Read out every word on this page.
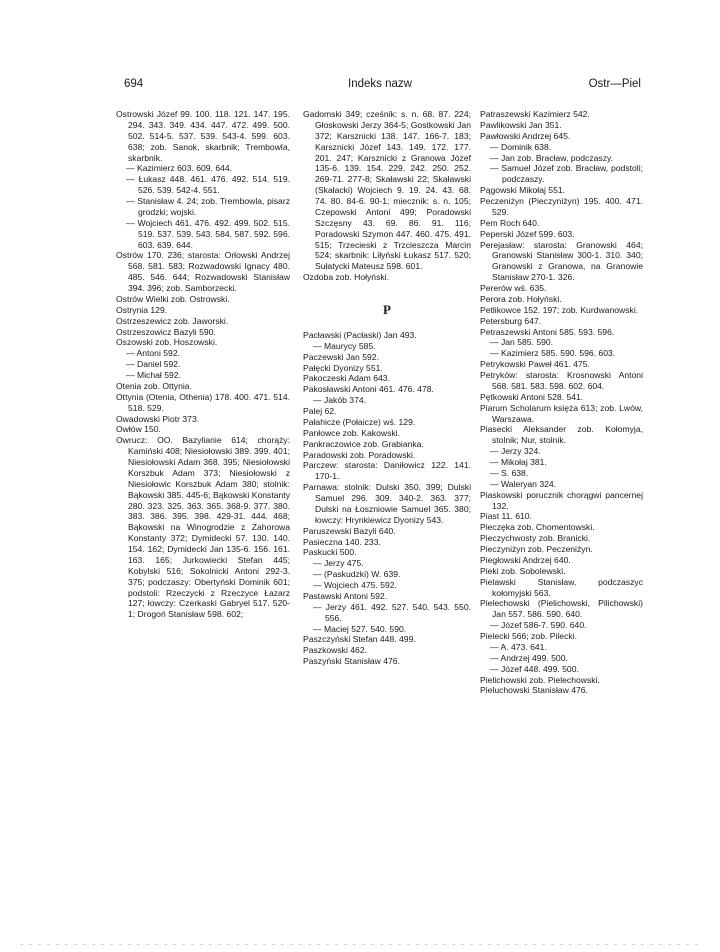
694	Indeks nazw	Ostr—Piel

Ostrowski Józef 99. 100. 118. 121. 147. 195. 294. 343. 349. 434. 447. 472. 499. 500. 502. 514-5. 537. 539. 543-4. 599. 603. 638; zob. Sanok, skarbnik; Trembowla, skarbnik.

— Kazimierz 603. 609. 644.

— Łukasz 448. 461. 476. 492. 514. 519. 526. 539. 542-4. 551.

— Stanisław 4. 24; zob. Trembowla, pisarz grodzki; wojski.

— Wojciech 461. 476. 492. 499. 502. 515. 519. 537. 539. 543. 584. 587. 592. 596. 603. 639. 644.

Ostrów 170. 236; starosta: Orłowski Andrzej 568. 581. 583; Rozwadowski Ignacy 480. 485. 546. 644; Rozwadowski Stanisław 394. 396; zob. Samborzecki.

Ostrów Wielki zob. Ostrowski.

Ostrynia 129.

Ostrzeszewicz zob. Jaworski.

Ostrzeszowicz Bazyli 590.

Oszowski zob. Hoszowski.

— Antoni 592.

— Daniel 592.

— Michał 592.

Otenia zob. Ottynia.

Ottynia (Otenia, Othenia) 178. 400. 471. 514. 518. 529.

Owadowski Piotr 373.

Owłów 150.

Owrucz: OO. Bazylianie 614; chorąży: Kamiński 408; Niesiołowski 389. 399. 401; Niesiołowski Adam 368. 395; Niesiołowski Korszbuk Adam 373; Niesiołowski z Niesiołowic Korszbuk Adam 380; stolnik: Bąkowski 385. 445-6; Bąkowski Konstanty 280. 323. 325. 363. 365. 368-9. 377. 380. 383. 386. 395. 398. 429-31. 444. 468; Bąkowski na Winogrodzie z Zahorowa Konstanty 372; Dymidecki 57. 130. 140. 154. 162; Dymidecki Jan 135-6. 156. 161. 163. 165; Jurkowiecki Stefan 445; Kobylski 516; Sokolnicki Antoni 292-3. 375; podczaszy: Obertyński Dominik 601; podstoli: Rzeczycki z Rzeczyce Łazarz 127; łowczy: Czerkaski Gabryel 517. 520-1; Drogoń Stanisław 598. 602;

Gadomski 349; cześnik: s. n. 68. 87. 224; Głoskowski Jerzy 364-5; Gostkowski Jan 372; Karsznicki 138. 147. 166-7. 183; Karsznicki Józef 143. 149. 172. 177. 201. 247; Karsznicki z Granowa Józef 135-6. 139. 154. 229. 242. 250. 252. 269-71. 277-8; Skaławski 22; Skaławski (Skałacki) Wojciech 9. 19. 24. 43. 68. 74. 80. 84-6. 90-1; miecznik: s. n. 105; Czepowski Antoni 499; Poradowski Szczęsny 43. 69. 86. 91. 116; Poradowski Szymon 447. 460. 475. 491. 515; Trzecieski z Trzcieszcza Marcin 524; skarbnik: Liłyński Łukasz 517. 520; Sułatycki Mateusz 598. 601.

Ozdoba zob. Hołyński.

P

Pacławski (Pacłaski) Jan 493.

— Maurycy 585.

Paczewski Jan 592.

Pałęcki Dyonizy 551.

Pakoczeski Adam 643.

Pakosławski Antoni 461. 476. 478.

— Jakób 374.

Palej 62.

Pałahicze (Połaicze) wś. 129.

Panłowce zob. Kakowski.

Pankraczowice zob. Grabianka.

Paradowski zob. Poradowski.

Parczew: starosta: Daniłowicz 122. 141. 170-1.

Parnawa: stolnik: Dulski 350. 399; Dulski Samuel 296. 309. 340-2. 363. 377; Dulski na Łoszniowie Samuel 365. 380; łowczy: Hrynkiewicz Dyonizy 543.

Paruszewski Bazyli 640.

Pasieczna 140. 233.

Paskucki 500.

— Jerzy 475.

— (Paskudzki) W. 639.

— Wojciech 475. 592.

Pastawski Antoni 592.

— Jerzy 461. 492. 527. 540. 543. 550. 556.

— Maciej 527. 540. 590.

Paszczyński Stefan 448. 499.

Paszkowski 462.

Paszyński Stanisław 476.

Patraszewski Kazimierz 542.

Pawlikowski Jan 351.

Pawłowski Andrzej 645.

— Dominik 638.

— Jan zob. Bracław, podczaszy.

— Samuel Józef zob. Bracław, podstoli; podczaszy.

Pągowski Mikołaj 551.

Peczeniżyn (Pieczyniżyn) 195. 400. 471. 529.

Pem Roch 640.

Peperski Józef 599. 603.

Perejasław: starosta: Granowski 464; Granowski Stanisław 300-1. 310. 340; Granowski z Granowa, na Granowie Stanisław 270-1. 326.

Pererów wś. 635.

Perora zob. Hołyński.

Petlikowce 152. 197; zob. Kurdwanowski.

Petersburg 647.

Petraszewski Antoni 585. 593. 596.

— Jan 585. 590.

— Kazimierz 585. 590. 596. 603.

Petrykowski Paweł 461. 475.

Petryków: starosta: Krosnowski Antoni 568. 581. 583. 598. 602. 604.

Pętkowski Antoni 528. 541.

Piarum Scholarum księża 613; zob. Lwów, Warszawa.

Piasecki Aleksander zob. Kołomyja, stolnik; Nur, stolnik.

— Jerzy 324.

— Mikołaj 381.

— S. 638.

— Waleryan 324.

Piaskowski porucznik chorągwi pancernej 132.

Piast 11. 610.

Pieczęka zob. Chomentowski.

Pieczychwosty zob. Branicki.

Pieczyniżyn zob. Peczeniżyn.

Piegłowski Andrzej 640.

Pieki zob. Sobolewski.

Pielawski Stanisław, podczaszyc kołomyjski 563.

Pielechowski (Pielichowski, Pilichowski) Jan 557. 586. 590. 640.

— Józef 586-7. 590. 640.

Pielecki 566; zob. Pilecki.

— A. 473. 641.

— Andrzej 499. 500.

— Józef 448. 499. 500.

Pielichowski zob. Pielechowski.

Pieluchowski Stanisław 476.
